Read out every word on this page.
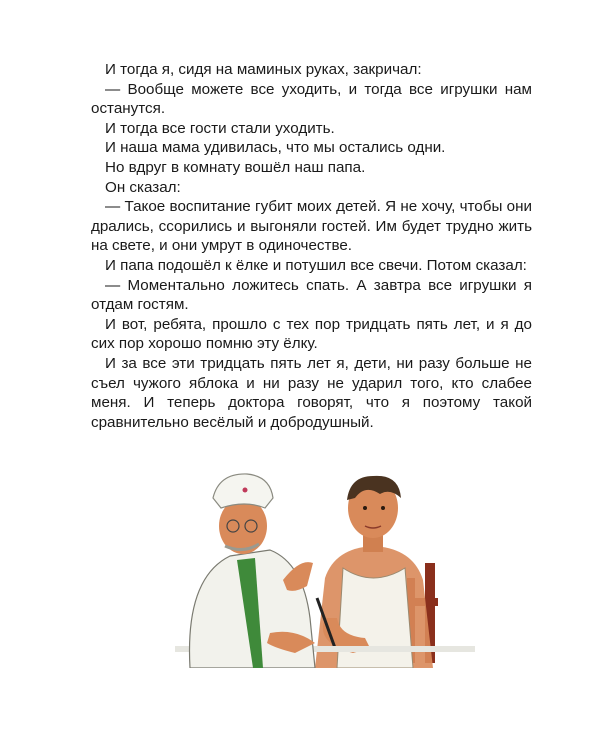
И тогда я, сидя на маминых руках, закричал:

— Вообще можете все уходить, и тогда все игрушки нам останутся.

И тогда все гости стали уходить.

И наша мама удивилась, что мы остались одни.

Но вдруг в комнату вошёл наш папа.

Он сказал:

— Такое воспитание губит моих детей. Я не хочу, чтобы они дрались, ссорились и выгоняли гостей. Им будет трудно жить на свете, и они умрут в одиночестве.

И папа подошёл к ёлке и потушил все свечи. Потом сказал:

— Моментально ложитесь спать. А завтра все игрушки я отдам гостям.

И вот, ребята, прошло с тех пор тридцать пять лет, и я до сих пор хорошо помню эту ёлку.

И за все эти тридцать пять лет я, дети, ни разу больше не съел чужого яблока и ни разу не ударил того, кто слабее меня. И теперь доктора говорят, что я поэтому такой сравнительно весёлый и добродушный.
